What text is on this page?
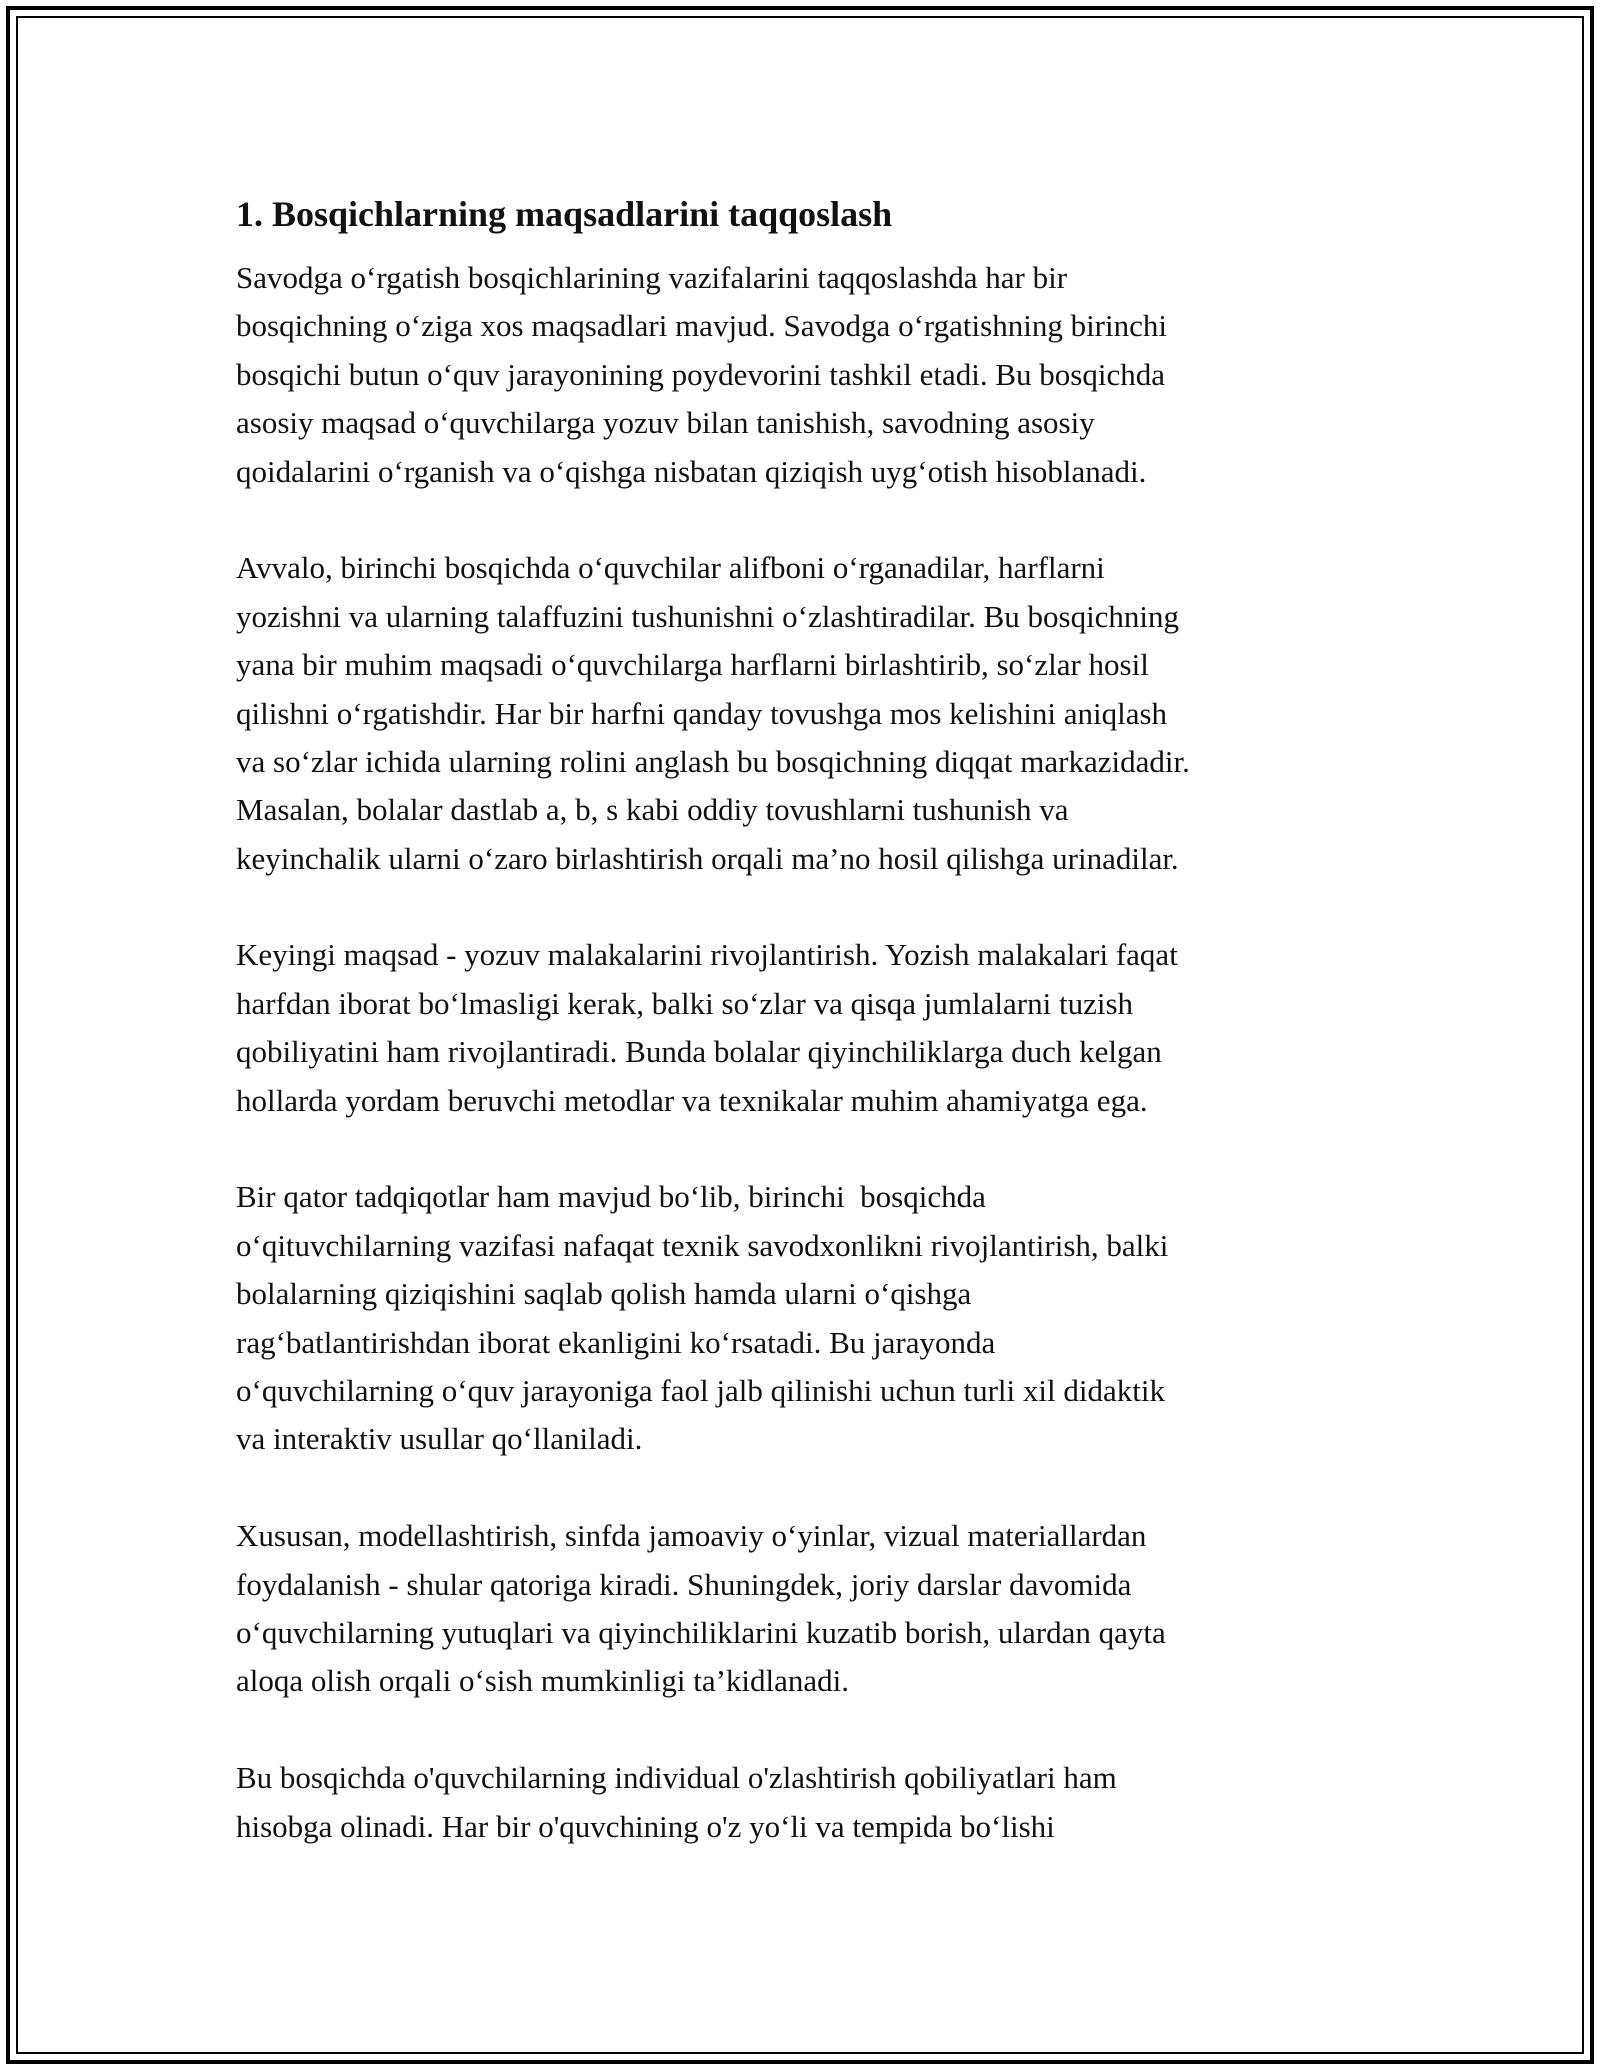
1. Bosqichlarning maqsadlarini taqqoslash

Savodga o‘rgatish bosqichlarining vazifalarini taqqoslashda har bir
bosqichning o‘ziga xos maqsadlari mavjud. Savodga o‘rgatishning birinchi
bosqichi butun o‘quv jarayonining poydevorini tashkil etadi. Bu bosqichda
asosiy maqsad o‘quvchilarga yozuv bilan tanishish, savodning asosiy
qoidalarini o‘rganish va o‘qishga nisbatan qiziqish uyg‘otish hisoblanadi.

Avvalo, birinchi bosqichda o‘quvchilar alifboni o‘rganadilar, harflarni
yozishni va ularning talaffuzini tushunishni o‘zlashtiradilar. Bu bosqichning
yana bir muhim maqsadi o‘quvchilarga harflarni birlashtirib, so‘zlar hosil
qilishni o‘rgatishdir. Har bir harfni qanday tovushga mos kelishini aniqlash
va so‘zlar ichida ularning rolini anglash bu bosqichning diqqat markazidadir.
Masalan, bolalar dastlab a, b, s kabi oddiy tovushlarni tushunish va
keyinchalik ularni o‘zaro birlashtirish orqali ma’no hosil qilishga urinadilar.

Keyingi maqsad - yozuv malakalarini rivojlantirish. Yozish malakalari faqat
harfdan iborat bo‘lmasligi kerak, balki so‘zlar va qisqa jumlalarni tuzish
qobiliyatini ham rivojlantiradi. Bunda bolalar qiyinchiliklarga duch kelgan
hollarda yordam beruvchi metodlar va texnikalar muhim ahamiyatga ega.

Bir qator tadqiqotlar ham mavjud bo‘lib, birinchi  bosqichda
o‘qituvchilarning vazifasi nafaqat texnik savodxonlikni rivojlantirish, balki
bolalarning qiziqishini saqlab qolish hamda ularni o‘qishga
rag‘batlantirishdan iborat ekanligini ko‘rsatadi. Bu jarayonda
o‘quvchilarning o‘quv jarayoniga faol jalb qilinishi uchun turli xil didaktik
va interaktiv usullar qo‘llaniladi.

Xususan, modellashtirish, sinfda jamoaviy o‘yinlar, vizual materiallardan
foydalanish - shular qatoriga kiradi. Shuningdek, joriy darslar davomida
o‘quvchilarning yutuqlari va qiyinchiliklarini kuzatib borish, ulardan qayta
aloqa olish orqali o‘sish mumkinligi ta’kidlanadi.

Bu bosqichda o'quvchilarning individual o'zlashtirish qobiliyatlari ham
hisobga olinadi. Har bir o'quvchining o'z yo‘li va tempida bo‘lishi
